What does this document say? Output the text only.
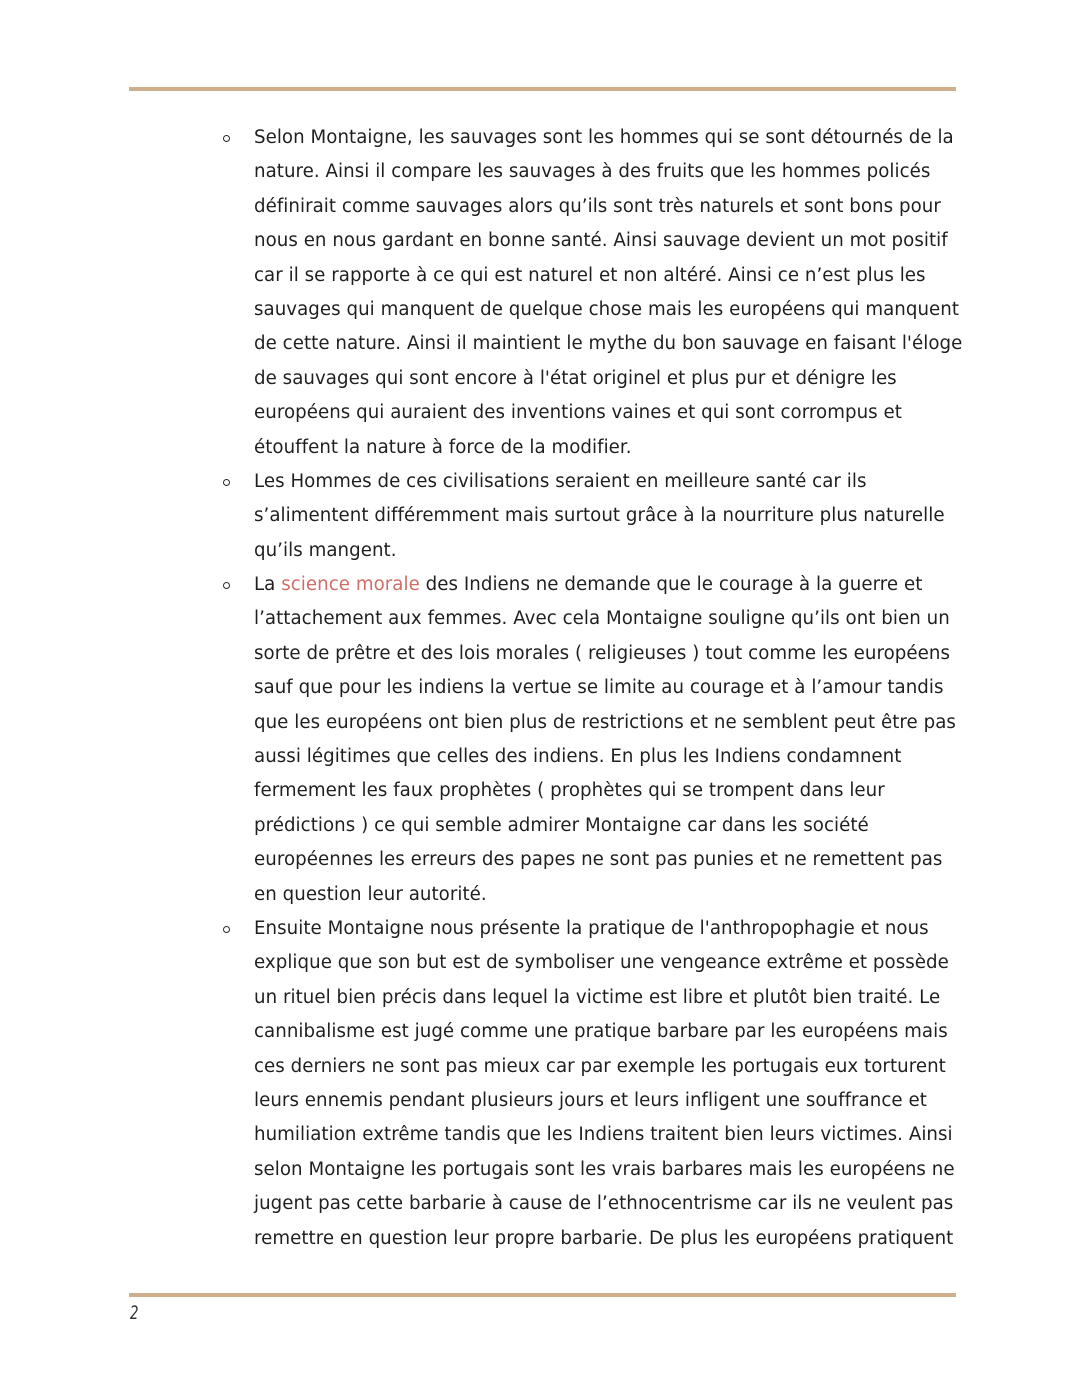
Selon Montaigne, les sauvages sont les hommes qui se sont détournés de la
nature. Ainsi il compare les sauvages à des fruits que les hommes policés
définirait comme sauvages alors qu’ils sont très naturels et sont bons pour
nous en nous gardant en bonne santé. Ainsi sauvage devient un mot positif
car il se rapporte à ce qui est naturel et non altéré. Ainsi ce n’est plus les
sauvages qui manquent de quelque chose mais les européens qui manquent
de cette nature. Ainsi il maintient le mythe du bon sauvage en faisant l'éloge
de sauvages qui sont encore à l'état originel et plus pur et dénigre les
européens qui auraient des inventions vaines et qui sont corrompus et
étouffent la nature à force de la modifier.
Les Hommes de ces civilisations seraient en meilleure santé car ils
s’alimentent différemment mais surtout grâce à la nourriture plus naturelle
qu’ils mangent.
La science morale des Indiens ne demande que le courage à la guerre et
l’attachement aux femmes. Avec cela Montaigne souligne qu’ils ont bien un
sorte de prêtre et des lois morales ( religieuses ) tout comme les européens
sauf que pour les indiens la vertue se limite au courage et à l’amour tandis
que les européens ont bien plus de restrictions et ne semblent peut être pas
aussi légitimes que celles des indiens. En plus les Indiens condamnent
fermement les faux prophètes ( prophètes qui se trompent dans leur
prédictions ) ce qui semble admirer Montaigne car dans les société
européennes les erreurs des papes ne sont pas punies et ne remettent pas
en question leur autorité.
Ensuite Montaigne nous présente la pratique de l'anthropophagie et nous
explique que son but est de symboliser une vengeance extrême et possède
un rituel bien précis dans lequel la victime est libre et plutôt bien traité. Le
cannibalisme est jugé comme une pratique barbare par les européens mais
ces derniers ne sont pas mieux car par exemple les portugais eux torturent
leurs ennemis pendant plusieurs jours et leurs infligent une souffrance et
humiliation extrême tandis que les Indiens traitent bien leurs victimes. Ainsi
selon Montaigne les portugais sont les vrais barbares mais les européens ne
jugent pas cette barbarie à cause de l’ethnocentrisme car ils ne veulent pas
remettre en question leur propre barbarie. De plus les européens pratiquent
2
